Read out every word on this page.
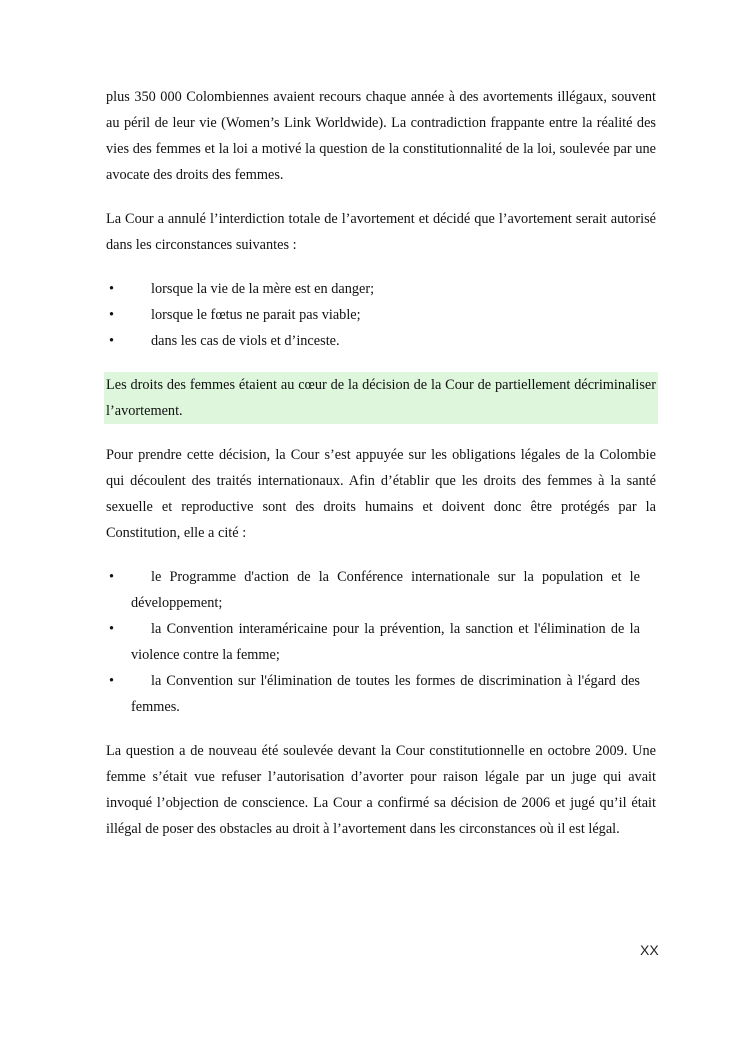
plus 350 000 Colombiennes avaient recours chaque année à des avortements illégaux, souvent au péril de leur vie (Women’s Link Worldwide). La contradiction frappante entre la réalité des vies des femmes et la loi a motivé la question de la constitutionnalité de la loi, soulevée par une avocate des droits des femmes.

La Cour a annulé l’interdiction totale de l’avortement et décidé que l’avortement serait autorisé dans les circonstances suivantes :

•	lorsque la vie de la mère est en danger;
•	lorsque le fœtus ne parait pas viable;
•	dans les cas de viols et d’inceste.

Les droits des femmes étaient au cœur de la décision de la Cour de partiellement décriminaliser l’avortement.

Pour prendre cette décision, la Cour s’est appuyée sur les obligations légales de la Colombie qui découlent des traités internationaux. Afin d’établir que les droits des femmes à la santé sexuelle et reproductive sont des droits humains et doivent donc être protégés par la Constitution, elle a cité :

•	le Programme d'action de la Conférence internationale sur la population et le développement;
•	la Convention interaméricaine pour la prévention, la sanction et l'élimination de la violence contre la femme;
•	la Convention sur l'élimination de toutes les formes de discrimination à l'égard des femmes.

La question a de nouveau été soulevée devant la Cour constitutionnelle en octobre 2009. Une femme s’était vue refuser l’autorisation d’avorter pour raison légale par un juge qui avait invoqué l’objection de conscience. La Cour a confirmé sa décision de 2006 et jugé qu’il était illégal de poser des obstacles au droit à l’avortement dans les circonstances où il est légal.

XX
